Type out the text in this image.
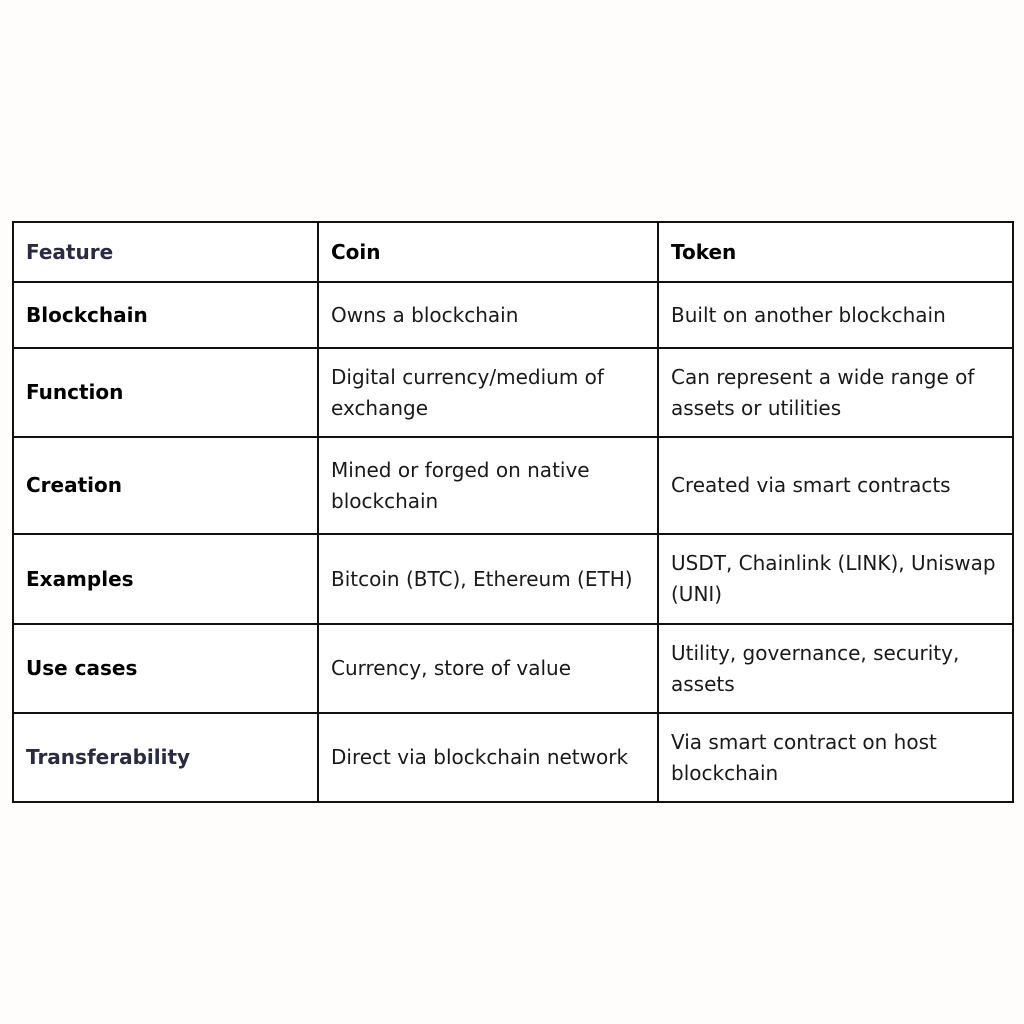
Feature	Coin	Token
Blockchain	Owns a blockchain	Built on another blockchain
Function	Digital currency/medium of exchange	Can represent a wide range of assets or utilities
Creation	Mined or forged on native blockchain	Created via smart contracts
Examples	Bitcoin (BTC), Ethereum (ETH)	USDT, Chainlink (LINK), Uniswap (UNI)
Use cases	Currency, store of value	Utility, governance, security, assets
Transferability	Direct via blockchain network	Via smart contract on host blockchain
